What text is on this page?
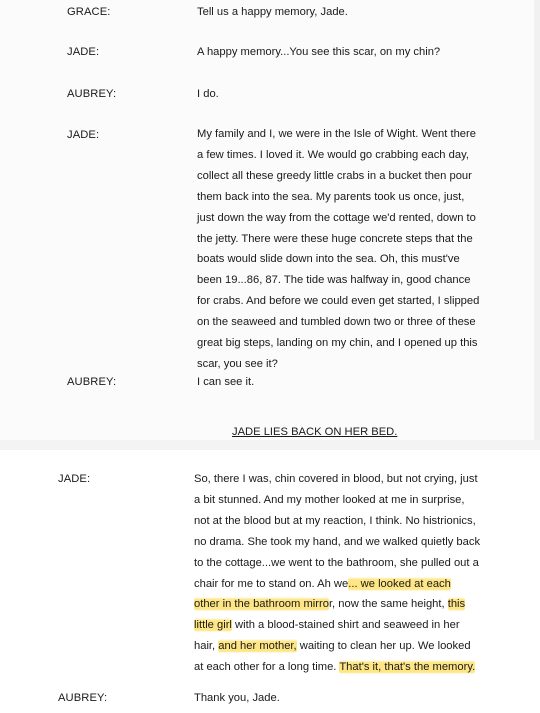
GRACE:	Tell us a happy memory, Jade.
JADE:	A happy memory...You see this scar, on my chin?
AUBREY:	I do.
JADE:	My family and I, we were in the Isle of Wight. Went there
a few times. I loved it. We would go crabbing each day,
collect all these greedy little crabs in a bucket then pour
them back into the sea. My parents took us once, just,
just down the way from the cottage we'd rented, down to
the jetty. There were these huge concrete steps that the
boats would slide down into the sea. Oh, this must've
been 19...86, 87. The tide was halfway in, good chance
for crabs. And before we could even get started, I slipped
on the seaweed and tumbled down two or three of these
great big steps, landing on my chin, and I opened up this
scar, you see it?
AUBREY:	I can see it.
JADE LIES BACK ON HER BED.
JADE:	So, there I was, chin covered in blood, but not crying, just
a bit stunned. And my mother looked at me in surprise,
not at the blood but at my reaction, I think. No histrionics,
no drama. She took my hand, and we walked quietly back
to the cottage...we went to the bathroom, she pulled out a
chair for me to stand on. Ah we... we looked at each
other in the bathroom mirror, now the same height, this
little girl with a blood-stained shirt and seaweed in her
hair, and her mother, waiting to clean her up. We looked
at each other for a long time. That's it, that's the memory.
AUBREY:	Thank you, Jade.
